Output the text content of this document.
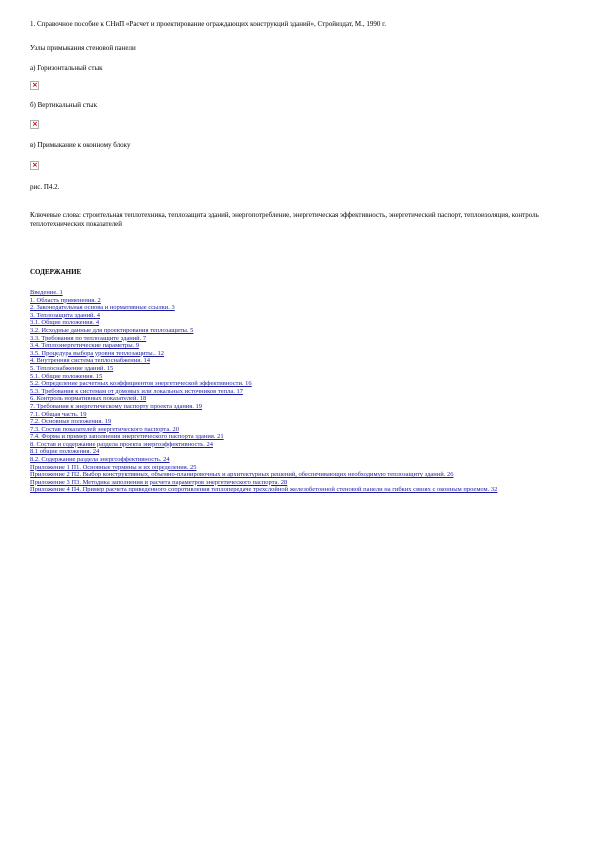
1. Справочное пособие к СНиП «Расчет и проектирование ограждающих конструкций зданий», Стройиздат, М., 1990 г.
Узлы примыкания стеновой панели
а) Горизонтальный стык
×
б) Вертикальный стык
×
в) Примыкание к оконному блоку
×
рис. П4.2.
Ключевые слова: строительная теплотехника, теплозащита зданий, энергопотребление, энергетическая эффективность, энергетический паспорт, теплоизоляция, контроль теплотехнических показателей
СОДЕРЖАНИЕ
Введение. 1
1. Область применения. 2
2. Законодательная основа и нормативные ссылки. 3
3. Теплозащита зданий. 4
3.1. Общие положения. 4
3.2. Исходные данные для проектирования теплозащиты. 5
3.3. Требования по теплозащите зданий. 7
3.4. Теплоэнергетические параметры. 9
3.5. Процедура выбора уровня теплозащиты.. 12
4. Внутренняя система теплоснабжения. 14
5. Теплоснабжение зданий. 15
5.1. Общие положения. 15
5.2. Определение расчетных коэффициентов энергетической эффективности. 16
5.3. Требования к системам от домовых или локальных источников тепла. 17
6. Контроль нормативных показателей. 18
7. Требования к энергетическому паспорту проекта здания. 19
7.1. Общая часть. 19
7.2. Основные положения. 19
7.3. Состав показателей энергетического паспорта. 20
7.4. Форма и пример заполнения энергетического паспорта здания. 21
8. Состав и содержание раздела проекта энергоэффективность. 24
8.1 общие положения. 24
8.2. Содержание раздела энергоэффективность. 24
Приложение 1 П1. Основные термины и их определения. 25
Приложение 2 П2. Выбор конструктивных, объемно-планировочных и архитектурных решений, обеспечивающих необходимую теплозащиту зданий. 26
Приложение 3 П3. Методика заполнения и расчета параметров энергетического паспорта. 28
Приложение 4 П4. Пример расчета приведенного сопротивления теплопередаче трехслойной железобетонной стеновой панели на гибких связях с оконным проемом. 32
